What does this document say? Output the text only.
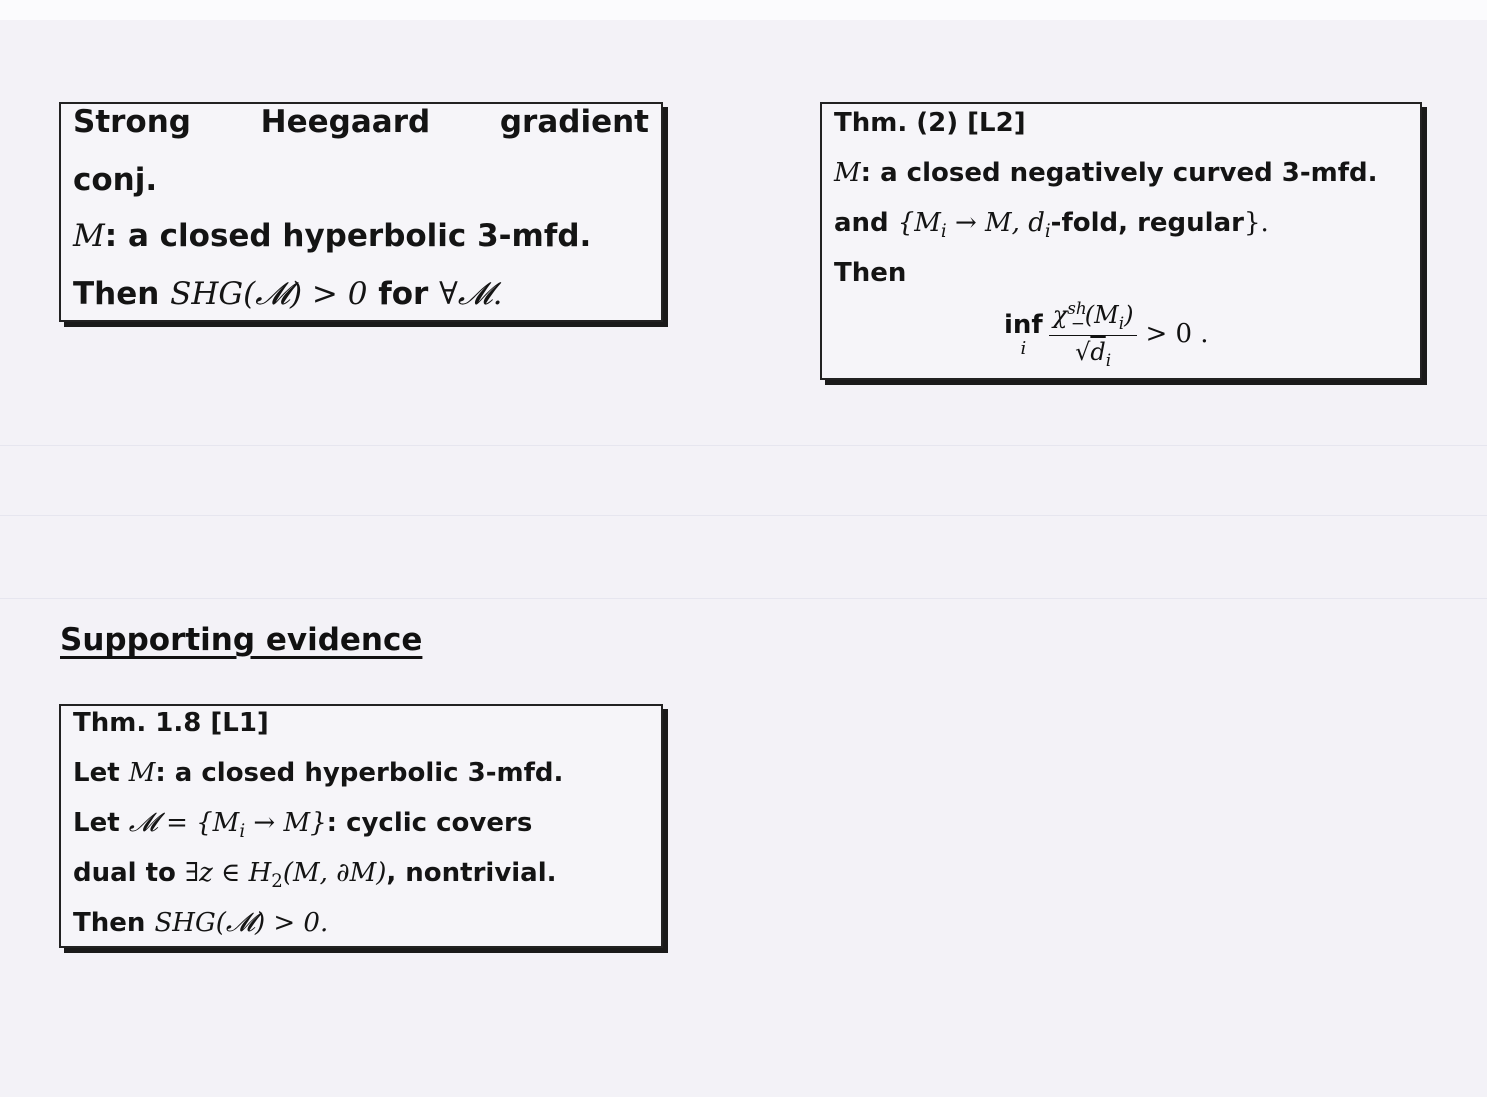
Strong Heegaard gradient
conj.
M: a closed hyperbolic 3-mfd.
Then SHG(𝓜) > 0 for ∀𝓜.
Thm. (2) [L2]
M: a closed negatively curved 3-mfd.
and {$M_i \to M$, $d_i$-fold, regular}.
Then
inf
i $\frac{\chi^{sh}_-(M_i)}{√d_i} > 0$ .
Supporting evidence
Thm. 1.8 [L1]
Let M: a closed hyperbolic 3-mfd.
Let 𝓜 = $\{M_i \to M\}$: cyclic covers
dual to ∃z ∈ $H_2(M$, ∂M), nontrivial.
Then SHG(𝓜) > 0.
